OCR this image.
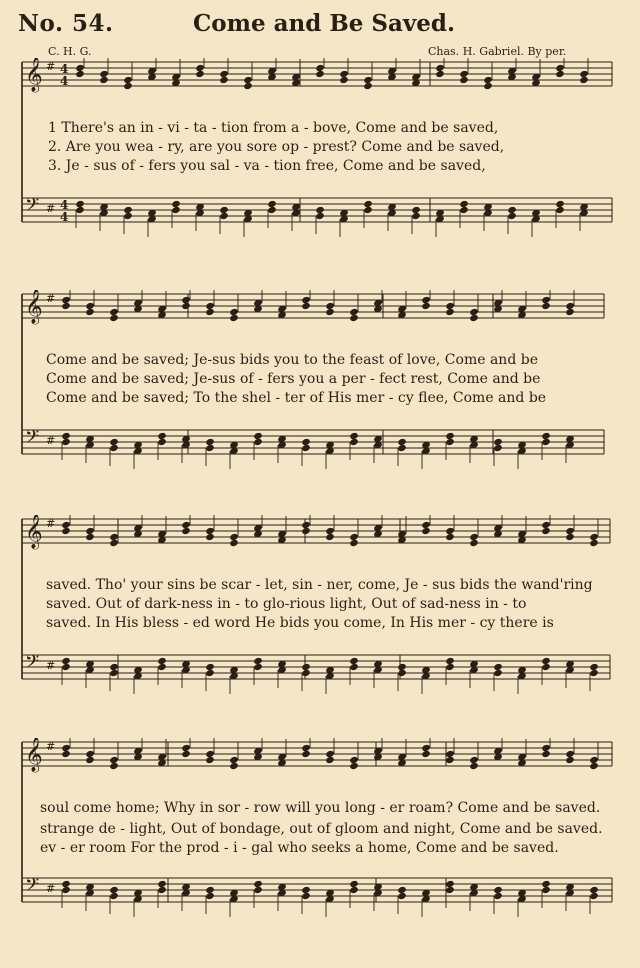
No. 54.	Come and Be Saved.
C. H. G.	Chas. H. Gabriel. By per.
𝄞 # 4
4
𝄢 # 4
4
1 There's an in - vi - ta - tion from a - bove, Come and be saved,
2. Are you wea - ry, are you sore op - prest? Come and be saved,
3. Je - sus of - fers you sal - va - tion free, Come and be saved,
𝄞 #
𝄢 #
Come and be saved; Je-sus bids you to the feast of love, Come and be
Come and be saved; Je-sus of - fers you a per - fect rest, Come and be
Come and be saved; To the shel - ter of His mer - cy flee, Come and be
𝄞 #
𝄢 #
saved. Tho' your sins be scar - let, sin - ner, come, Je - sus bids the wand'ring
saved. Out of dark-ness in - to glo-rious light, Out of sad-ness in - to
saved. In His bless - ed word He bids you come, In His mer - cy there is
𝄞 #
𝄢 #
soul come home; Why in sor - row will you long - er roam? Come and be saved.
strange de - light, Out of bondage, out of gloom and night, Come and be saved.
ev - er room For the prod - i - gal who seeks a home, Come and be saved.
